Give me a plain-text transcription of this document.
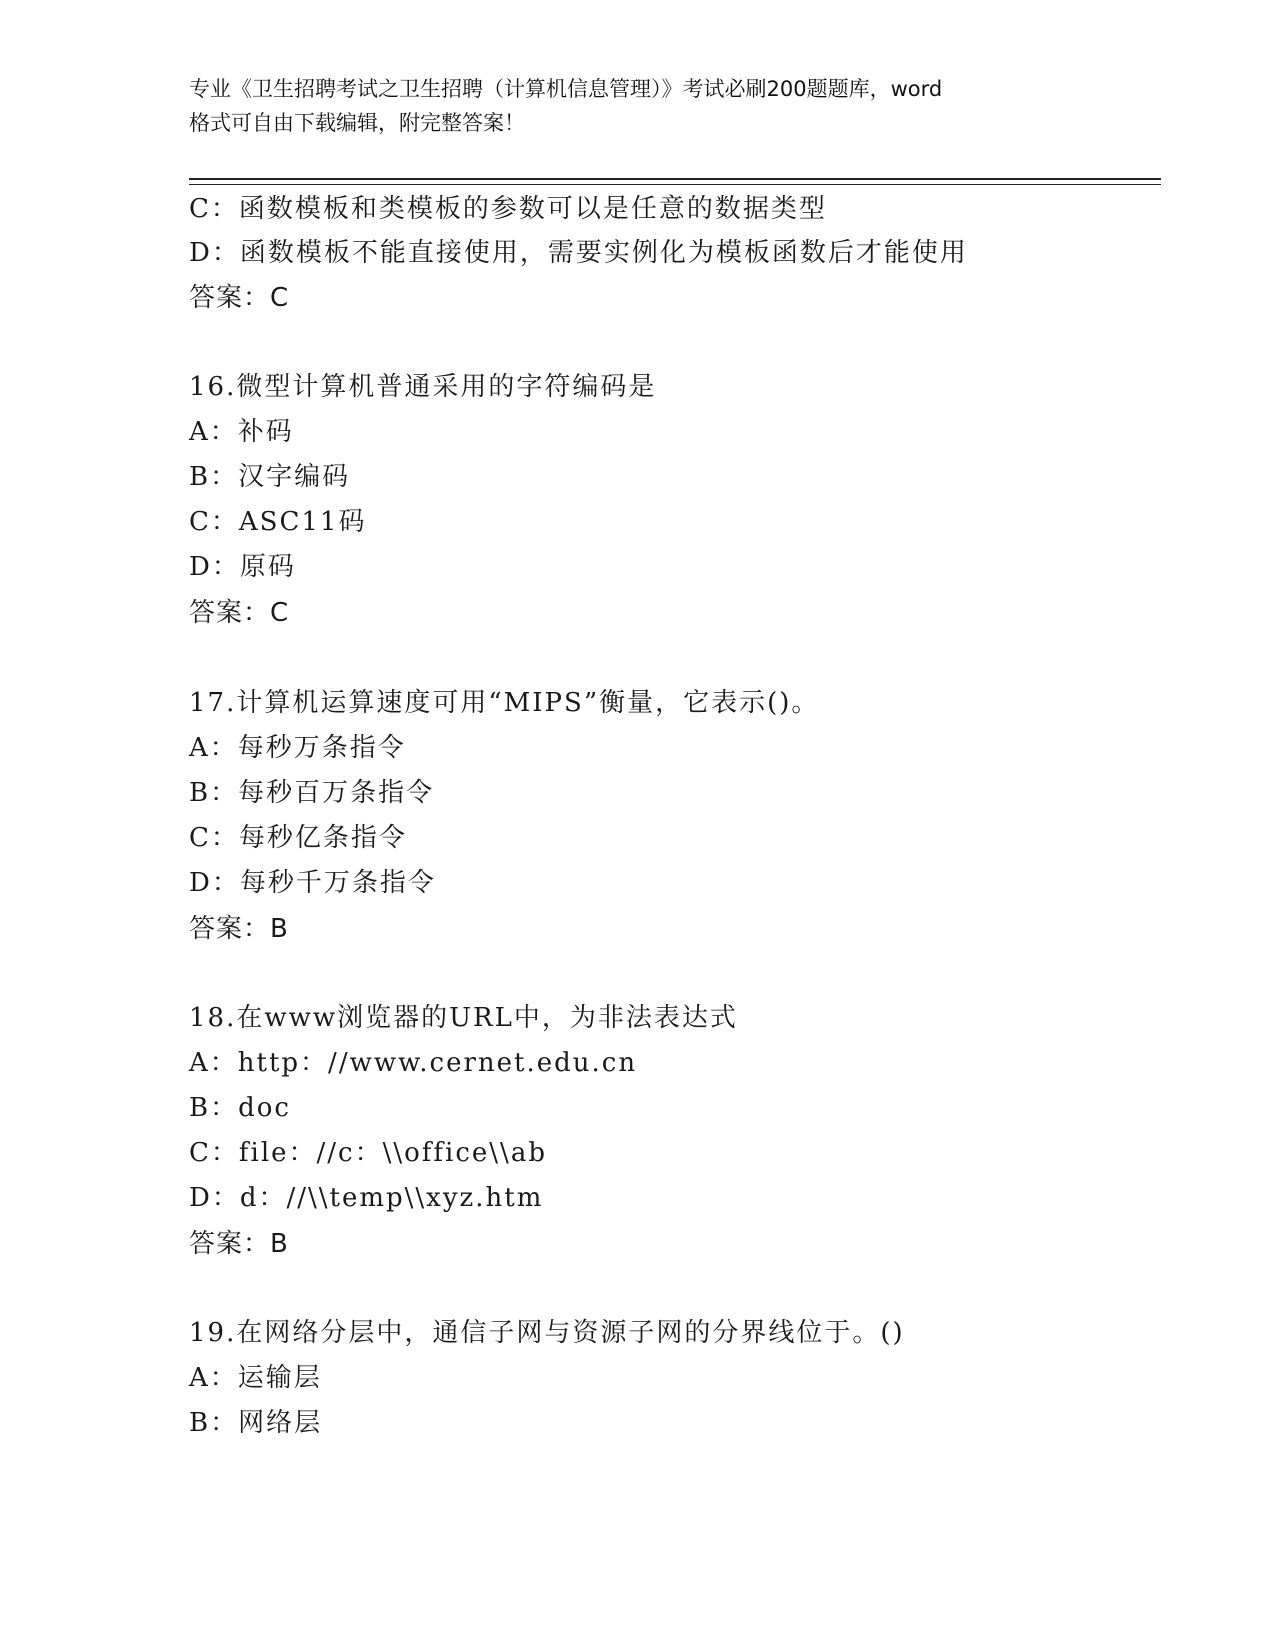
专业《卫生招聘考试之卫生招聘（计算机信息管理）》考试必刷200题题库，word
格式可自由下载编辑，附完整答案！
C：函数模板和类模板的参数可以是任意的数据类型
D：函数模板不能直接使用，需要实例化为模板函数后才能使用
答案：C
16.微型计算机普通采用的字符编码是
A：补码
B：汉字编码
C：ASC11码
D：原码
答案：C
17.计算机运算速度可用“MIPS”衡量，它表示()。
A：每秒万条指令
B：每秒百万条指令
C：每秒亿条指令
D：每秒千万条指令
答案：B
18.在www浏览器的URL中，为非法表达式
A：http：//www.cernet.edu.cn
B：doc
C：file：//c：\\office\\ab
D：d：//\\temp\\xyz.htm
答案：B
19.在网络分层中，通信子网与资源子网的分界线位于。()
A：运输层
B：网络层
